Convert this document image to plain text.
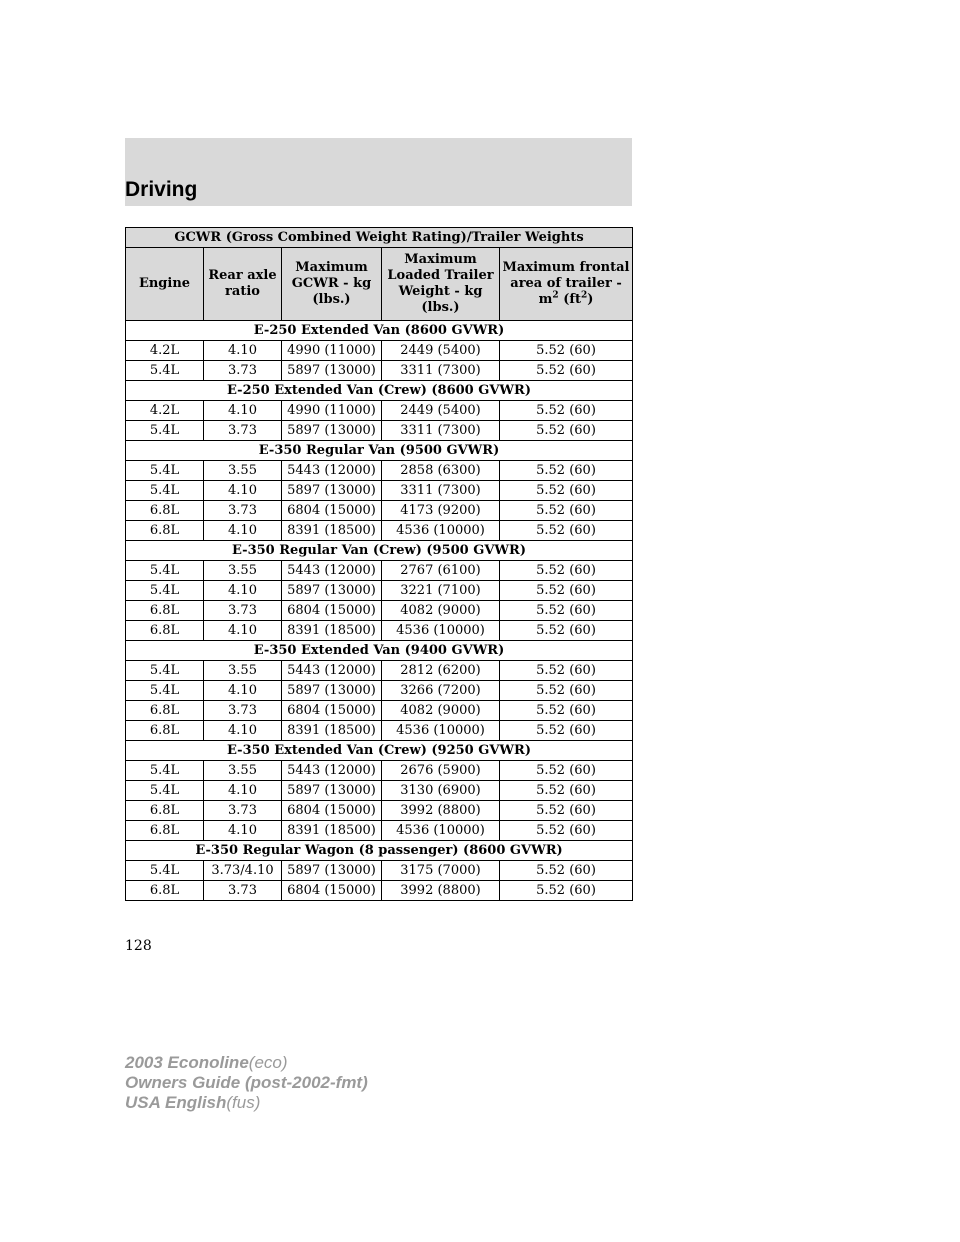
Driving
GCWR (Gross Combined Weight Rating)/Trailer Weights				
Engine	Rear axle ratio	Maximum GCWR - kg (lbs.)	Maximum Loaded Trailer Weight - kg (lbs.)	Maximum frontal area of trailer - $m^2$ $(ft^2)$
E-250 Extended Van (8600 GVWR)				
4.2L	4.10	4990 (11000)	2449 (5400)	5.52 (60)
5.4L	3.73	5897 (13000)	3311 (7300)	5.52 (60)
E-250 Extended Van (Crew) (8600 GVWR)				
4.2L	4.10	4990 (11000)	2449 (5400)	5.52 (60)
5.4L	3.73	5897 (13000)	3311 (7300)	5.52 (60)
E-350 Regular Van (9500 GVWR)				
5.4L	3.55	5443 (12000)	2858 (6300)	5.52 (60)
5.4L	4.10	5897 (13000)	3311 (7300)	5.52 (60)
6.8L	3.73	6804 (15000)	4173 (9200)	5.52 (60)
6.8L	4.10	8391 (18500)	4536 (10000)	5.52 (60)
E-350 Regular Van (Crew) (9500 GVWR)				
5.4L	3.55	5443 (12000)	2767 (6100)	5.52 (60)
5.4L	4.10	5897 (13000)	3221 (7100)	5.52 (60)
6.8L	3.73	6804 (15000)	4082 (9000)	5.52 (60)
6.8L	4.10	8391 (18500)	4536 (10000)	5.52 (60)
E-350 Extended Van (9400 GVWR)				
5.4L	3.55	5443 (12000)	2812 (6200)	5.52 (60)
5.4L	4.10	5897 (13000)	3266 (7200)	5.52 (60)
6.8L	3.73	6804 (15000)	4082 (9000)	5.52 (60)
6.8L	4.10	8391 (18500)	4536 (10000)	5.52 (60)
E-350 Extended Van (Crew) (9250 GVWR)				
5.4L	3.55	5443 (12000)	2676 (5900)	5.52 (60)
5.4L	4.10	5897 (13000)	3130 (6900)	5.52 (60)
6.8L	3.73	6804 (15000)	3992 (8800)	5.52 (60)
6.8L	4.10	8391 (18500)	4536 (10000)	5.52 (60)
E-350 Regular Wagon (8 passenger) (8600 GVWR)				
5.4L	3.73/4.10	5897 (13000)	3175 (7000)	5.52 (60)
6.8L	3.73	6804 (15000)	3992 (8800)	5.52 (60)
128
2003 Econoline(eco)
Owners Guide (post-2002-fmt)
USA English(fus)
